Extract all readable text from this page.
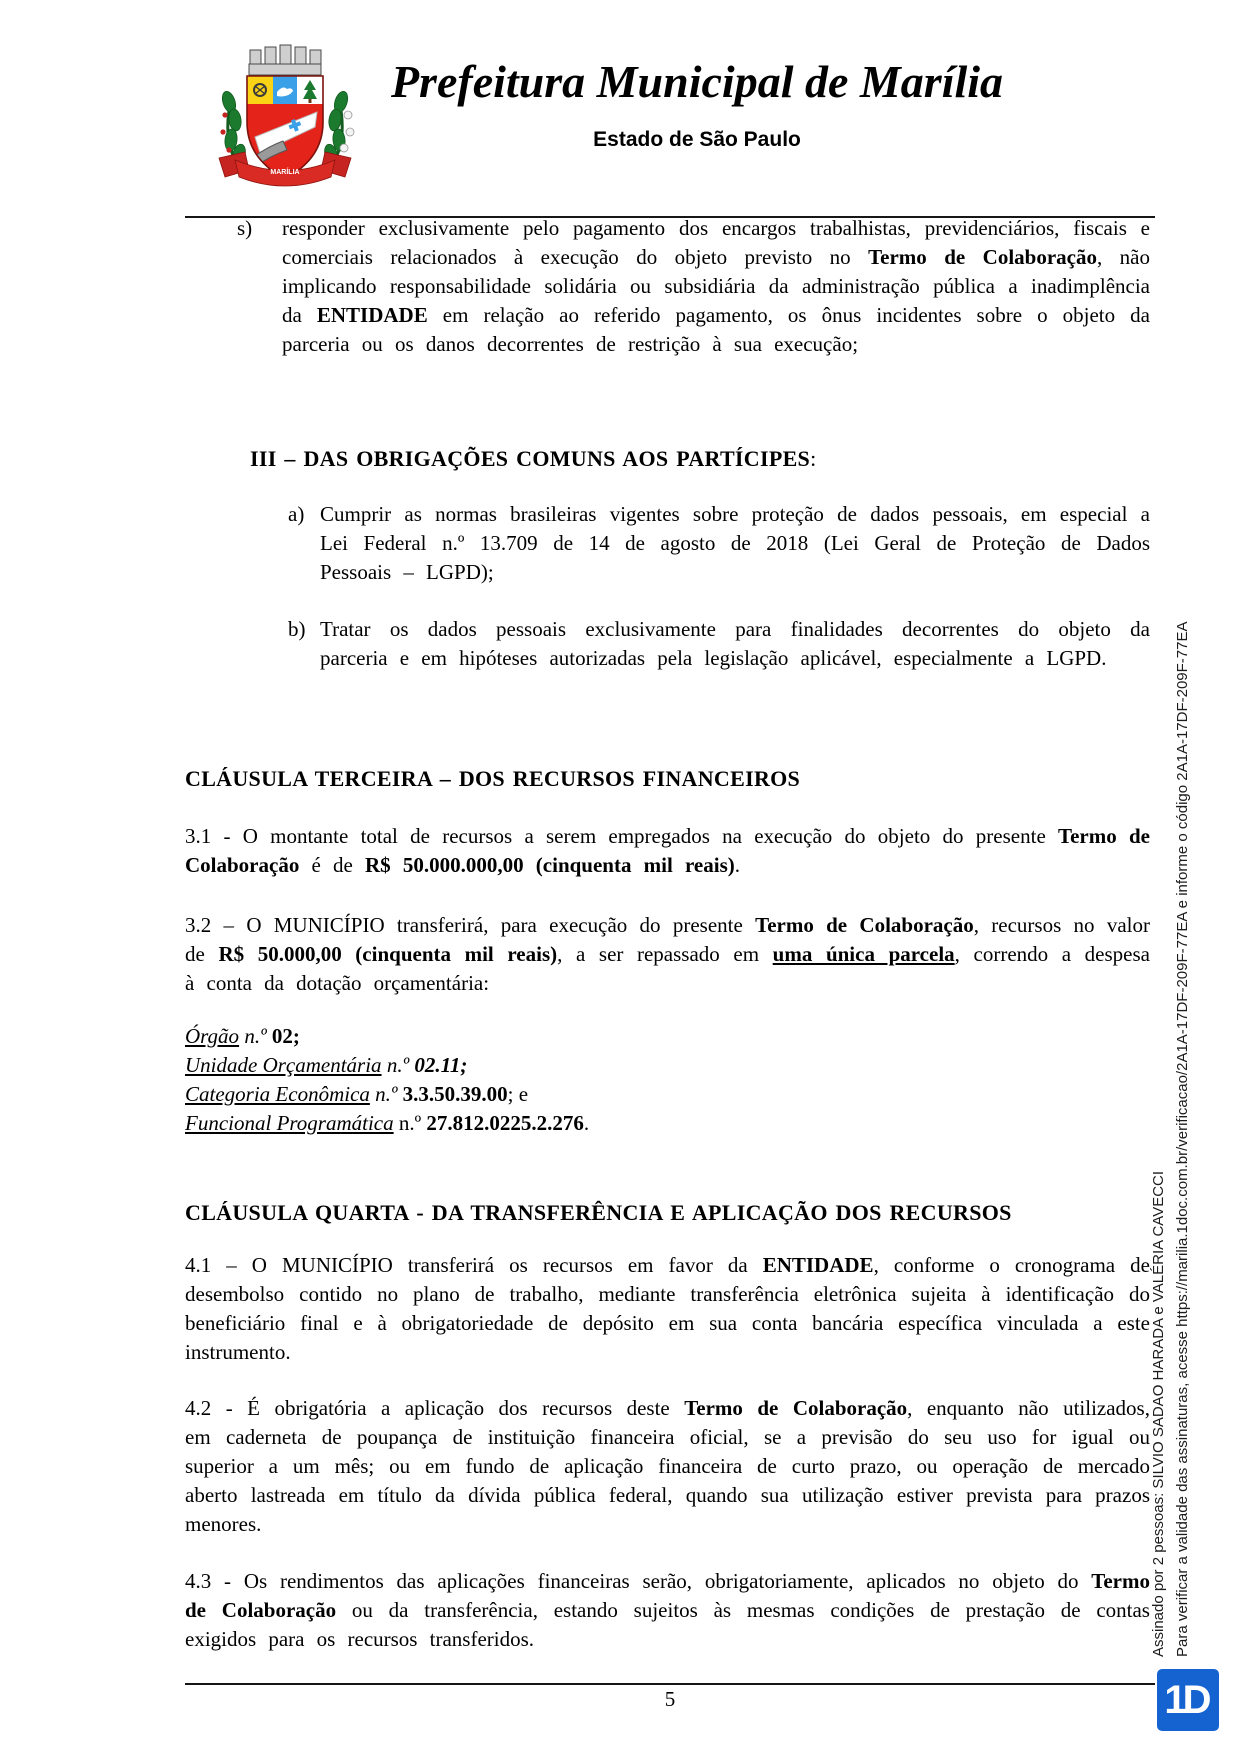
MARÍLIA
Prefeitura Municipal de Marília
Estado de São Paulo
s) responder exclusivamente pelo pagamento dos encargos trabalhistas, previdenciários, fiscais e comerciais relacionados à execução do objeto previsto no Termo de Colaboração, não implicando responsabilidade solidária ou subsidiária da administração pública a inadimplência da ENTIDADE em relação ao referido pagamento, os ônus incidentes sobre o objeto da parceria ou os danos decorrentes de restrição à sua execução;
III – DAS OBRIGAÇÕES COMUNS AOS PARTÍCIPES:
a) Cumprir as normas brasileiras vigentes sobre proteção de dados pessoais, em especial a Lei Federal n.º 13.709 de 14 de agosto de 2018 (Lei Geral de Proteção de Dados Pessoais – LGPD);
b) Tratar os dados pessoais exclusivamente para finalidades decorrentes do objeto da parceria e em hipóteses autorizadas pela legislação aplicável, especialmente a LGPD.
CLÁUSULA TERCEIRA – DOS RECURSOS FINANCEIROS
3.1 - O montante total de recursos a serem empregados na execução do objeto do presente Termo de Colaboração é de R$ 50.000.000,00 (cinquenta mil reais).
3.2 – O MUNICÍPIO transferirá, para execução do presente Termo de Colaboração, recursos no valor de R$ 50.000,00 (cinquenta mil reais), a ser repassado em uma única parcela, correndo a despesa à conta da dotação orçamentária:
Órgão n.º 02;
Unidade Orçamentária n.º 02.11;
Categoria Econômica n.º 3.3.50.39.00; e
Funcional Programática n.º 27.812.0225.2.276.
CLÁUSULA QUARTA - DA TRANSFERÊNCIA E APLICAÇÃO DOS RECURSOS
4.1 – O MUNICÍPIO transferirá os recursos em favor da ENTIDADE, conforme o cronograma de desembolso contido no plano de trabalho, mediante transferência eletrônica sujeita à identificação do beneficiário final e à obrigatoriedade de depósito em sua conta bancária específica vinculada a este instrumento.
4.2 - É obrigatória a aplicação dos recursos deste Termo de Colaboração, enquanto não utilizados, em caderneta de poupança de instituição financeira oficial, se a previsão do seu uso for igual ou superior a um mês; ou em fundo de aplicação financeira de curto prazo, ou operação de mercado aberto lastreada em título da dívida pública federal, quando sua utilização estiver prevista para prazos menores.
4.3 - Os rendimentos das aplicações financeiras serão, obrigatoriamente, aplicados no objeto do Termo de Colaboração ou da transferência, estando sujeitos às mesmas condições de prestação de contas exigidos para os recursos transferidos.	Assinado por 2 pessoas: SILVIO SADAO HARADA e VALÉRIA CAVECCI Para verificar a validade das assinaturas, acesse https://marilia.1doc.com.br/verificacao/2A1A-17DF-209F-77EA e informe o código 2A1A-17DF-209F-77EA
5	1D
